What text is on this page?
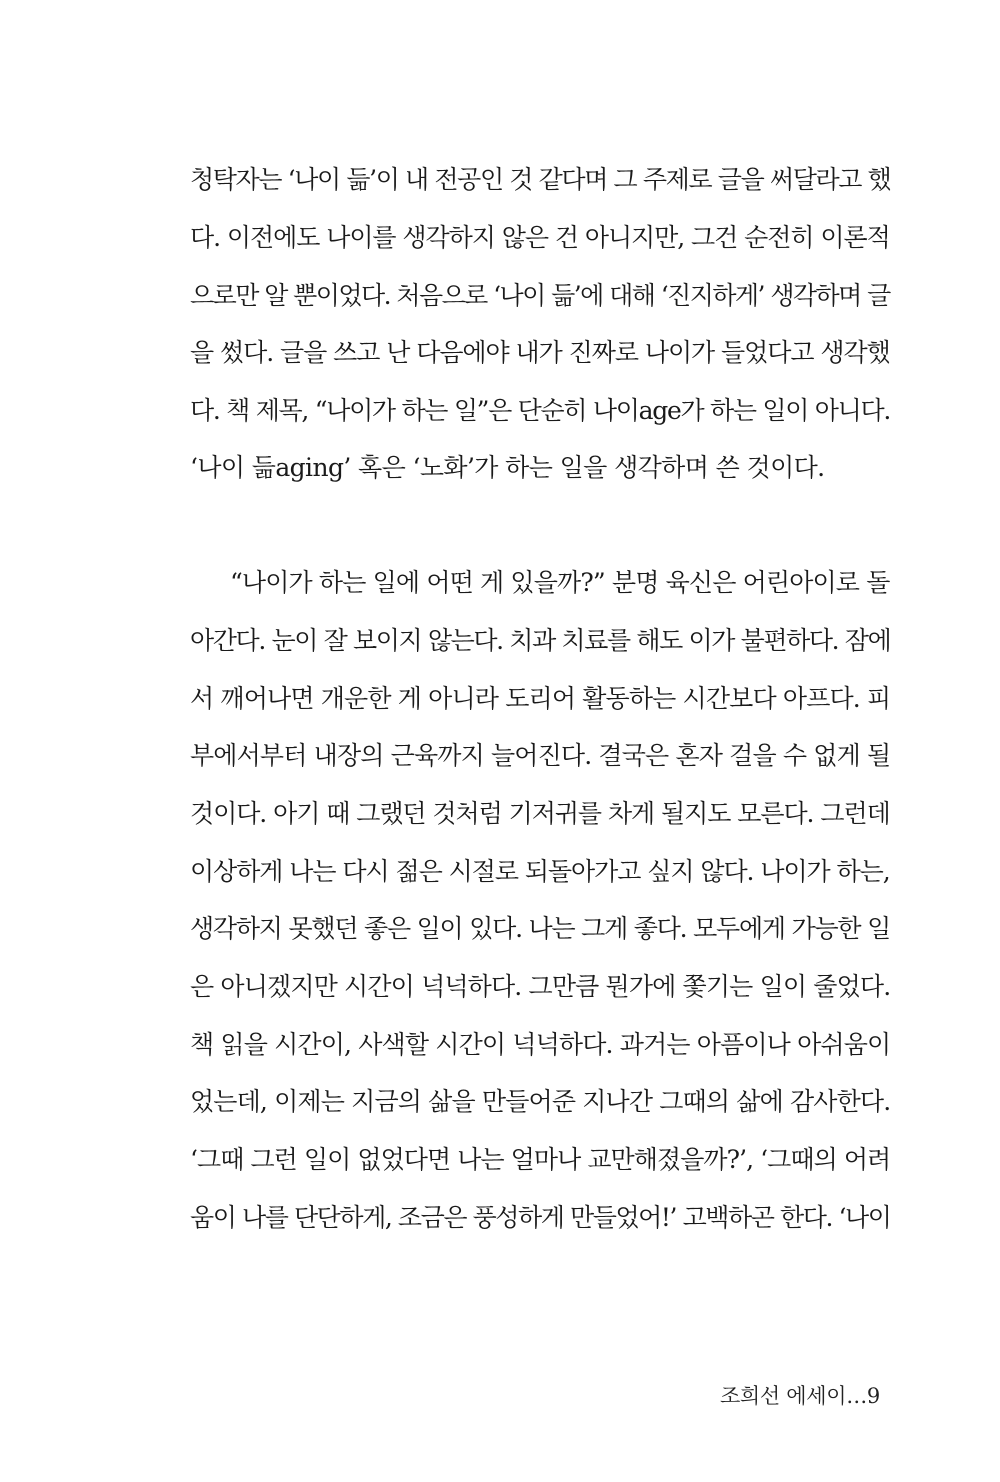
청탁자는 ‘나이 듦’이 내 전공인 것 같다며 그 주제로 글을 써달라고 했
다. 이전에도 나이를 생각하지 않은 건 아니지만, 그건 순전히 이론적
으로만 알 뿐이었다. 처음으로 ‘나이 듦’에 대해 ‘진지하게’ 생각하며 글
을 썼다. 글을 쓰고 난 다음에야 내가 진짜로 나이가 들었다고 생각했
다. 책 제목, “나이가 하는 일”은 단순히 나이age가 하는 일이 아니다.
‘나이 듦aging’ 혹은 ‘노화’가 하는 일을 생각하며 쓴 것이다.
“나이가 하는 일에 어떤 게 있을까?” 분명 육신은 어린아이로 돌
아간다. 눈이 잘 보이지 않는다. 치과 치료를 해도 이가 불편하다. 잠에
서 깨어나면 개운한 게 아니라 도리어 활동하는 시간보다 아프다. 피
부에서부터 내장의 근육까지 늘어진다. 결국은 혼자 걸을 수 없게 될
것이다. 아기 때 그랬던 것처럼 기저귀를 차게 될지도 모른다. 그런데
이상하게 나는 다시 젊은 시절로 되돌아가고 싶지 않다. 나이가 하는,
생각하지 못했던 좋은 일이 있다. 나는 그게 좋다. 모두에게 가능한 일
은 아니겠지만 시간이 넉넉하다. 그만큼 뭔가에 쫓기는 일이 줄었다.
책 읽을 시간이, 사색할 시간이 넉넉하다. 과거는 아픔이나 아쉬움이
었는데, 이제는 지금의 삶을 만들어준 지나간 그때의 삶에 감사한다.
‘그때 그런 일이 없었다면 나는 얼마나 교만해졌을까?’, ‘그때의 어려
움이 나를 단단하게, 조금은 풍성하게 만들었어!’ 고백하곤 한다. ‘나이
조희선 에세이…9
